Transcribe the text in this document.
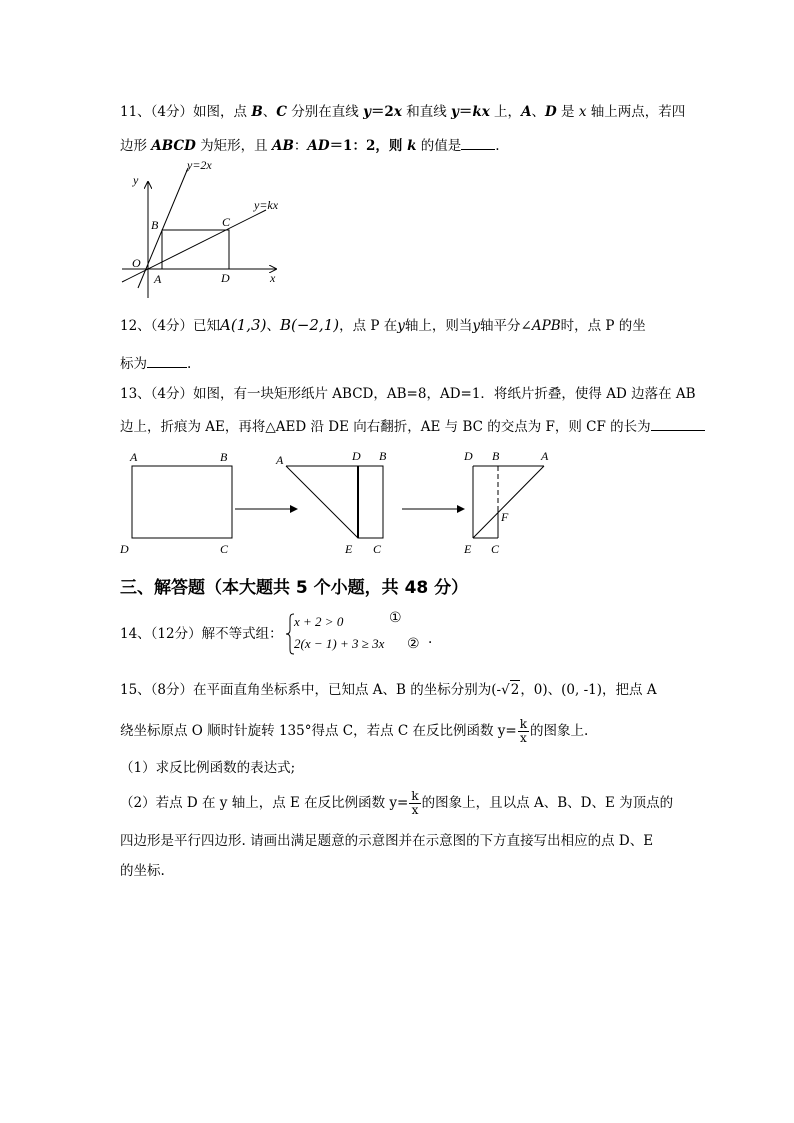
11、（4分）如图，点 B、C 分别在直线 y＝2x 和直线 y＝kx 上，A、D 是 x 轴上两点，若四
边形 ABCD 为矩形，且 AB：AD＝1：2，则 k 的值是	.
y=2x
y=kx
y
x
O
A
B	C
D
12、（4分）已知A(1,3)、B(−2,1)，点 P 在y轴上，则当y轴平分∠APB时，点 P 的坐
标为	.
13、（4分）如图，有一块矩形纸片 ABCD，AB=8，AD=1．将纸片折叠，使得 AD 边落在 AB
边上，折痕为 AE，再将△AED 沿 DE 向右翻折，AE 与 BC 的交点为 F，则 CF 的长为
A	B
D	C
A	D B
E C
D B	A
F
E C
三、解答题（本大题共 5 个小题，共 48 分）
14、（12分）解不等式组：
x + 2 > 0
2(x − 1) + 3 ≥ 3x
①
② .
15、（8分）在平面直角坐标系中，已知点 A、B 的坐标分别为(-√2，0)、(0, -1)，把点 A
绕坐标原点 O 顺时针旋转 135°得点 C，若点 C 在反比例函数 $y= \frac{k}{x}$ 的图象上.
（1）求反比例函数的表达式;
（2）若点 D 在 y 轴上，点 E 在反比例函数 $y= \frac{k}{x}$ 的图象上，且以点 A、B、D、E 为顶点的
四边形是平行四边形. 请画出满足题意的示意图并在示意图的下方直接写出相应的点 D、E
的坐标.
